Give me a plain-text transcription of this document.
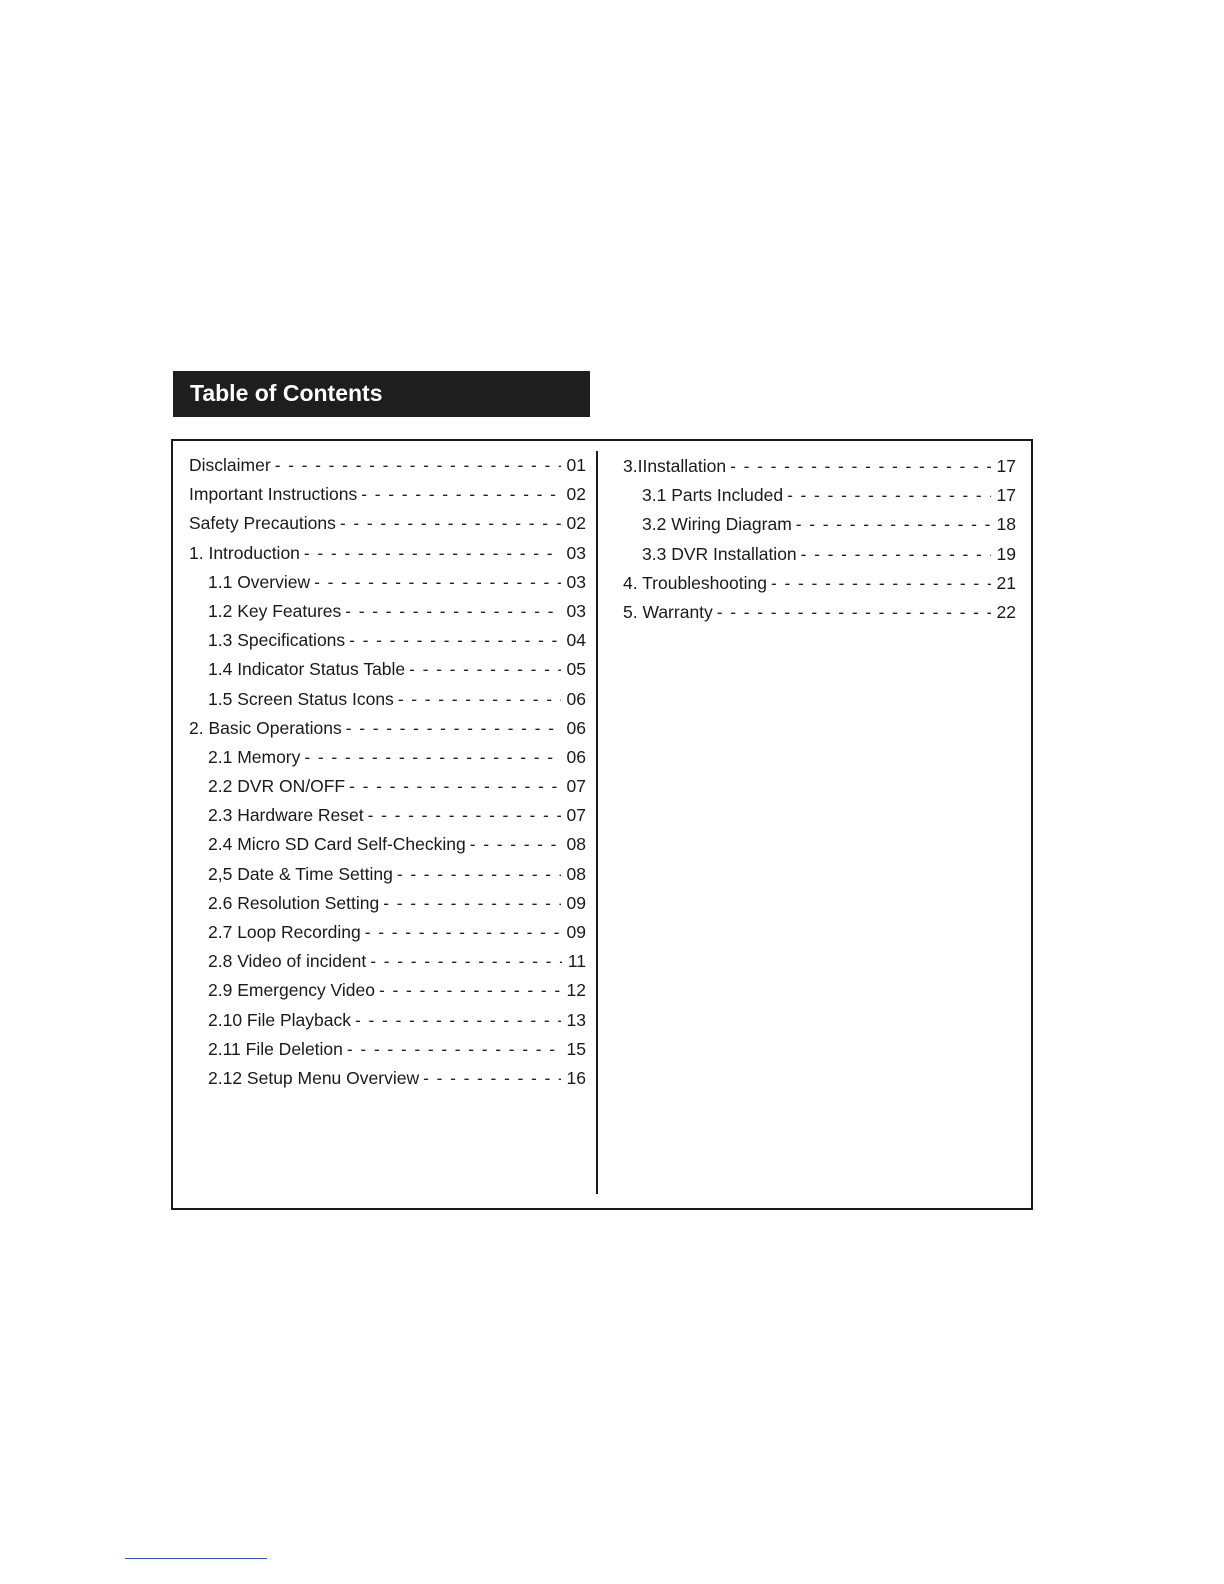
Table of Contents
Disclaimer - - -	01
Important Instructions - - -	02
Safety Precautions - - -	02
1. Introduction - - -	03
1.1 Overview - - -	03
1.2 Key Features - - -	03
1.3 Specifications - - -	04
1.4 Indicator Status Table - - -	05
1.5 Screen Status Icons - - -	06
2. Basic Operations - - -	06
2.1 Memory - - -	06
2.2 DVR ON/OFF - - -	07
2.3 Hardware Reset - - -	07
2.4 Micro SD Card Self-Checking - - -	08
2,5 Date & Time Setting - - -	08
2.6 Resolution Setting - - -	09
2.7 Loop Recording - - -	09
2.8 Video of incident - - -	11
2.9 Emergency Video - - -	12
2.10 File Playback - - -	13
2.11 File Deletion - - -	15
2.12 Setup Menu Overview - - -	16
3.IInstallation - - -	17
3.1 Parts Included - - -	17
3.2 Wiring Diagram - - -	18
3.3 DVR Installation - - -	19
4. Troubleshooting - - -	21
5. Warranty - - -	22
